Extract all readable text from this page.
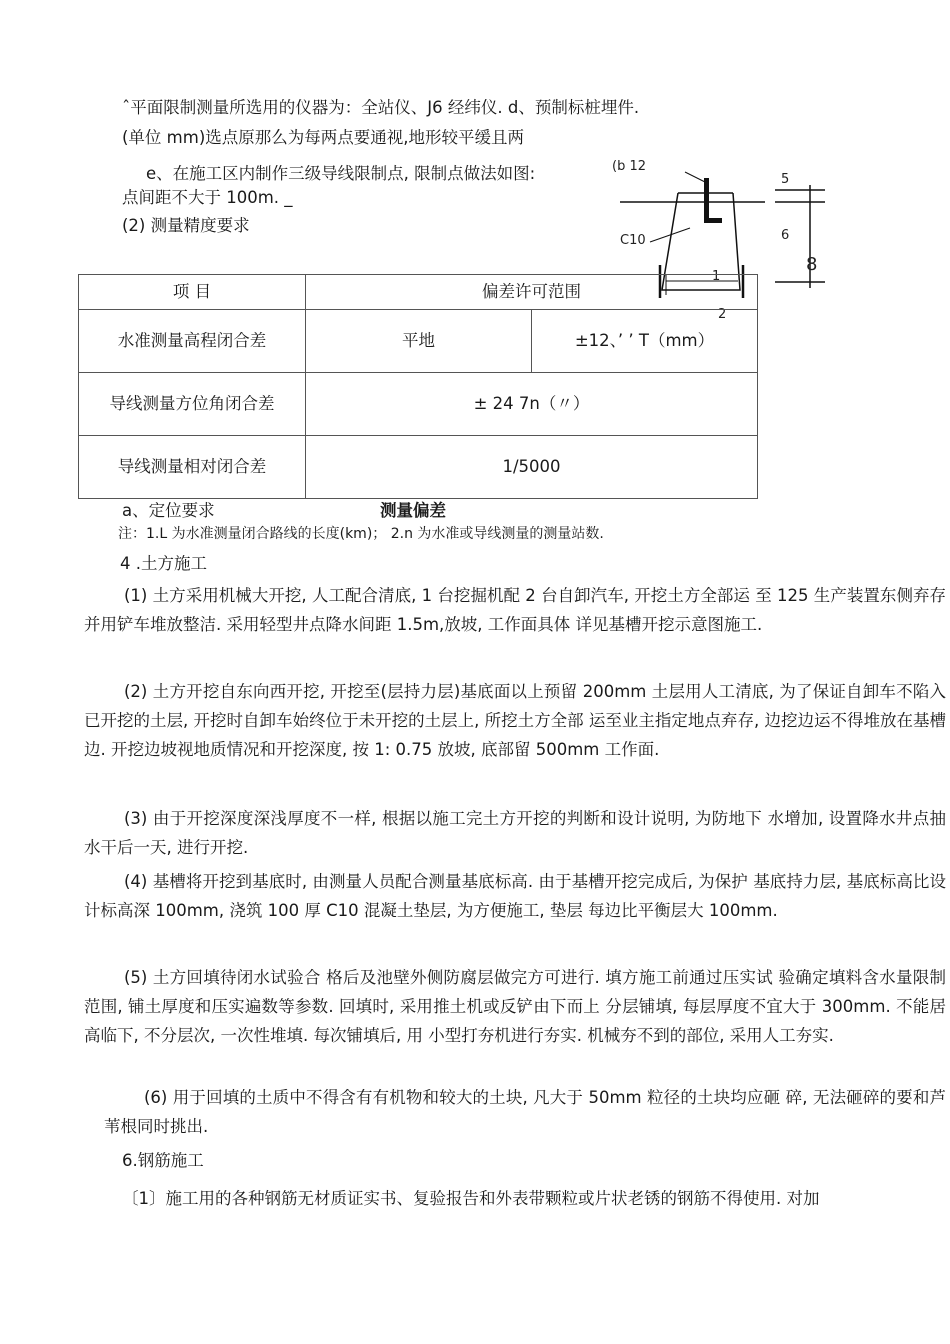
ˆ平面限制测量所选用的仪器为：全站仪、J6 经纬仪. d、预制标桩埋件.
(单位 mm)选点原那么为每两点要通视,地形较平缓且两
e、在施工区内制作三级导线限制点, 限制点做法如图:
点间距不大于 100m. _
(2) 测量精度要求
(b 12
C10
5
6
8
1
2
项 目	偏差许可范围	
水准测量高程闭合差	平地	±12、’ ’ T（mm）
导线测量方位角闭合差	± 24 7n（〃）	
导线测量相对闭合差	1/5000	
a、定位要求	测量偏差
注：1.L 为水准测量闭合路线的长度(km)； 2.n 为水准或导线测量的测量站数.
4 .土方施工

(1) 土方采用机械大开挖, 人工配合清底, 1 台挖掘机配 2 台自卸汽车, 开挖土方全部运 至 125 生产装置东侧弃存并用铲车堆放整洁. 采用轻型井点降水间距 1.5m,放坡, 工作面具体 详见基槽开挖示意图施工.

(2) 土方开挖自东向西开挖, 开挖至(层持力层)基底面以上预留 200mm 土层用人工清底, 为了保证自卸车不陷入已开挖的土层, 开挖时自卸车始终位于未开挖的土层上, 所挖土方全部 运至业主指定地点弃存, 边挖边运不得堆放在基槽边. 开挖边坡视地质情况和开挖深度, 按 1: 0.75 放坡, 底部留 500mm 工作面.

(3) 由于开挖深度深浅厚度不一样, 根据以施工完土方开挖的判断和设计说明, 为防地下 水增加, 设置降水井点抽水干后一天, 进行开挖.

(4) 基槽将开挖到基底时, 由测量人员配合测量基底标高. 由于基槽开挖完成后, 为保护 基底持力层, 基底标高比设计标高深 100mm, 浇筑 100 厚 C10 混凝土垫层, 为方便施工, 垫层 每边比平衡层大 100mm.

(5) 土方回填待闭水试验合 格后及池壁外侧防腐层做完方可进行. 填方施工前通过压实试 验确定填料含水量限制范围, 铺土厚度和压实遍数等参数. 回填时, 采用推土机或反铲由下而上 分层铺填, 每层厚度不宜大于 300mm. 不能居高临下, 不分层次, 一次性堆填. 每次铺填后, 用 小型打夯机进行夯实. 机械夯不到的部位, 采用人工夯实.

(6) 用于回填的土质中不得含有有机物和较大的土块, 凡大于 50mm 粒径的土块均应砸 碎, 无法砸碎的要和芦苇根同时挑出.

6.钢筋施工
〔1〕施工用的各种钢筋无材质证实书、复验报告和外表带颗粒或片状老锈的钢筋不得使用. 对加
